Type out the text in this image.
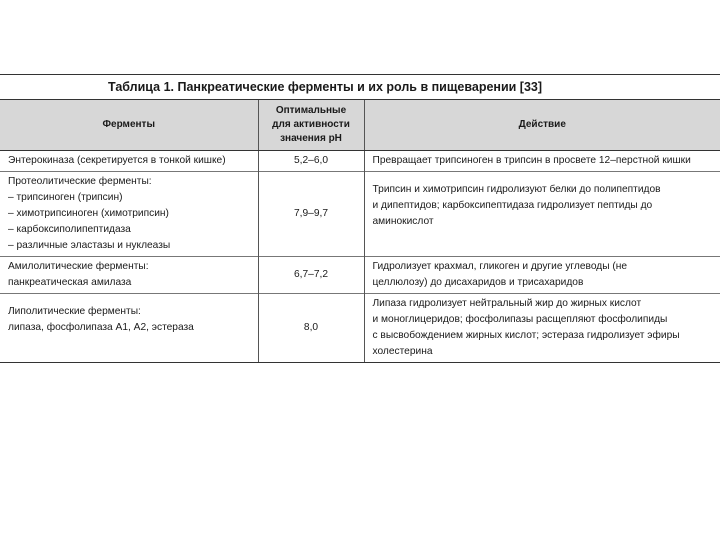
Таблица 1. Панкреатические ферменты и их роль в пищеварении [33]
Ферменты	Оптимальные
для активности
значения pH	Действие

Энтерокиназа (секретируется в тонкой кишке)	5,2–6,0	Превращает трипсиноген в трипсин в просвете 12–перстной кишки

Протеолитические ферменты:
– трипсиноген (трипсин)
– химотрипсиноген (химотрипсин)
– карбоксиполипептидаза
– различные эластазы и нуклеазы	7,9–9,7	Трипсин и химотрипсин гидролизуют белки до полипептидов
и дипептидов; карбоксипептидаза гидролизует пептиды до
аминокислот

Амилолитические ферменты:
панкреатическая амилаза	6,7–7,2	Гидролизует крахмал, гликоген и другие углеводы (не
целлюлозу) до дисахаридов и трисахаридов

Липолитические ферменты:
липаза, фосфолипаза А1, А2, эстераза	8,0	Липаза гидролизует нейтральный жир до жирных кислот
и моноглицеридов; фосфолипазы расщепляют фосфолипиды
с высвобождением жирных кислот; эстераза гидролизует эфиры
холестерина
